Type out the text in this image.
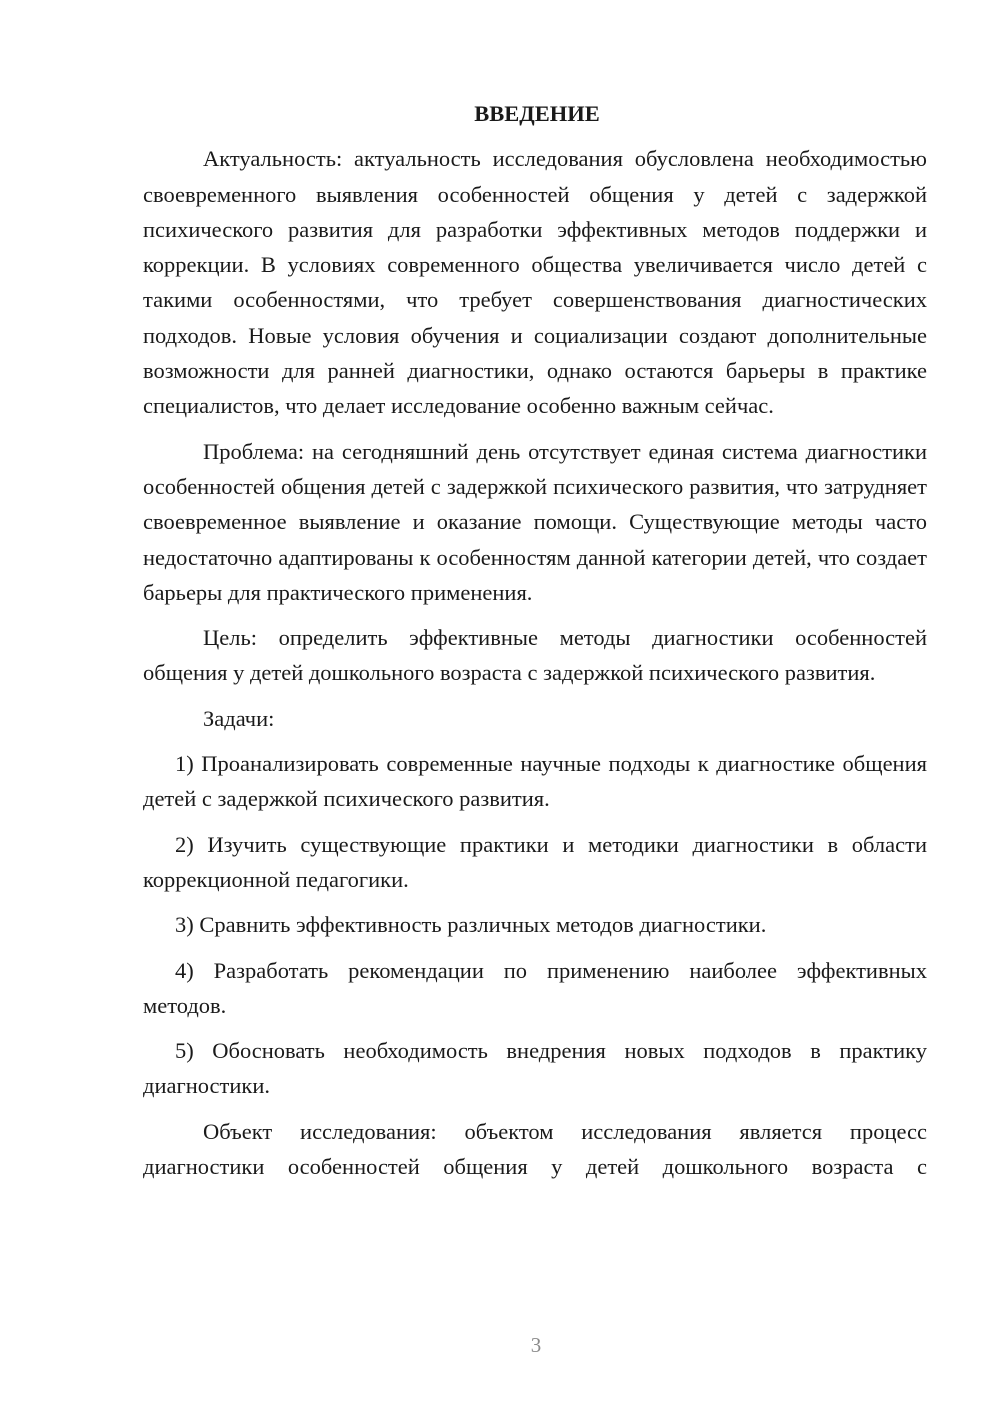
ВВЕДЕНИЕ

Актуальность: актуальность исследования обусловлена необходимостью своевременного выявления особенностей общения у детей с задержкой психического развития для разработки эффективных методов поддержки и коррекции. В условиях современного общества увеличивается число детей с такими особенностями, что требует совершенствования диагностических подходов. Новые условия обучения и социализации создают дополнительные возможности для ранней диагностики, однако остаются барьеры в практике специалистов, что делает исследование особенно важным сейчас.

Проблема: на сегодняшний день отсутствует единая система диагностики особенностей общения детей с задержкой психического развития, что затрудняет своевременное выявление и оказание помощи. Существующие методы часто недостаточно адаптированы к особенностям данной категории детей, что создает барьеры для практического применения.

Цель: определить эффективные методы диагностики особенностей общения у детей дошкольного возраста с задержкой психического развития.

Задачи:

1) Проанализировать современные научные подходы к диагностике общения детей с задержкой психического развития.

2) Изучить существующие практики и методики диагностики в области коррекционной педагогики.

3) Сравнить эффективность различных методов диагностики.

4) Разработать рекомендации по применению наиболее эффективных методов.

5) Обосновать необходимость внедрения новых подходов в практику диагностики.

Объект исследования: объектом исследования является процесс диагностики особенностей общения у детей дошкольного возраста с

3
